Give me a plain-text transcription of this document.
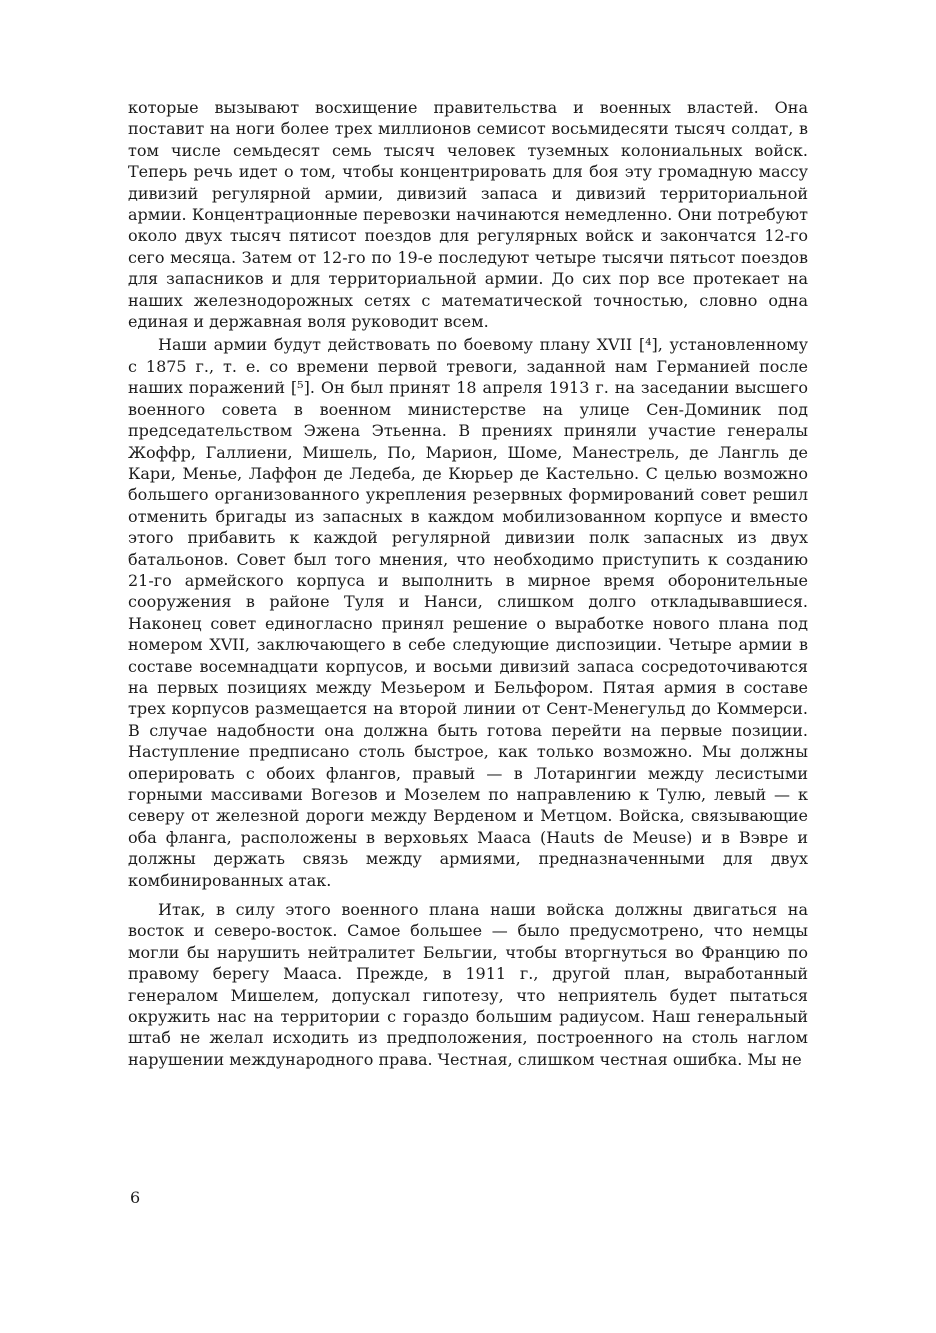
которые вызывают восхищение правительства и военных властей. Она поставит на ноги более трех миллионов семисот восьмидесяти тысяч солдат, в том числе семьдесят семь тысяч человек туземных колониальных войск. Теперь речь идет о том, чтобы концентрировать для боя эту громадную массу дивизий регулярной армии, дивизий запаса и дивизий территориальной армии. Концентрационные перевозки начинаются немедленно. Они потребуют около двух тысяч пятисот поездов для регулярных войск и закончатся 12-го сего месяца. Затем от 12-го по 19-е последуют четыре тысячи пятьсот поездов для запасников и для территориальной армии. До сих пор все протекает на наших железнодорожных сетях с математической точностью, словно одна единая и державная воля руководит всем.

Наши армии будут действовать по боевому плану XVII [⁴], установленному с 1875 г., т. е. со времени первой тревоги, заданной нам Германией после наших поражений [⁵]. Он был принят 18 апреля 1913 г. на заседании высшего военного совета в военном министерстве на улице Сен-Доминик под председательством Эжена Этьенна. В прениях приняли участие генералы Жоффр, Галлиени, Мишель, По, Марион, Шоме, Манестрель, де Лангль де Кари, Менье, Лаффон де Ледеба, де Кюрьер де Кастельно. С целью возможно большего организованного укрепления резервных формирований совет решил отменить бригады из запасных в каждом мобилизованном корпусе и вместо этого прибавить к каждой регулярной дивизии полк запасных из двух батальонов. Совет был того мнения, что необходимо приступить к созданию 21-го армейского корпуса и выполнить в мирное время оборонительные сооружения в районе Туля и Нанси, слишком долго откладывавшиеся. Наконец совет единогласно принял решение о выработке нового плана под номером XVII, заключающего в себе следующие диспозиции. Четыре армии в составе восемнадцати корпусов, и восьми дивизий запаса сосредоточиваются на первых позициях между Мезьером и Бельфором. Пятая армия в составе трех корпусов размещается на второй линии от Сент-Менегульд до Коммерси. В случае надобности она должна быть готова перейти на первые позиции. Наступление предписано столь быстрое, как только возможно. Мы должны оперировать с обоих флангов, правый — в Лотарингии между лесистыми горными массивами Вогезов и Мозелем по направлению к Тулю, левый — к северу от железной дороги между Верденом и Метцом. Войска, связывающие оба фланга, расположены в верховьях Мааса (Hauts de Meuse) и в Вэвре и должны держать связь между армиями, предназначенными для двух комбинированных атак.

Итак, в силу этого военного плана наши войска должны двигаться на восток и северо-восток. Самое большее — было предусмотрено, что немцы могли бы нарушить нейтралитет Бельгии, чтобы вторгнуться во Францию по правому берегу Мааса. Прежде, в 1911 г., другой план, выработанный генералом Мишелем, допускал гипотезу, что неприятель будет пытаться окружить нас на территории с гораздо большим радиусом. Наш генеральный штаб не желал исходить из предположения, построенного на столь наглом нарушении международного права. Честная, слишком честная ошибка. Мы не

6
